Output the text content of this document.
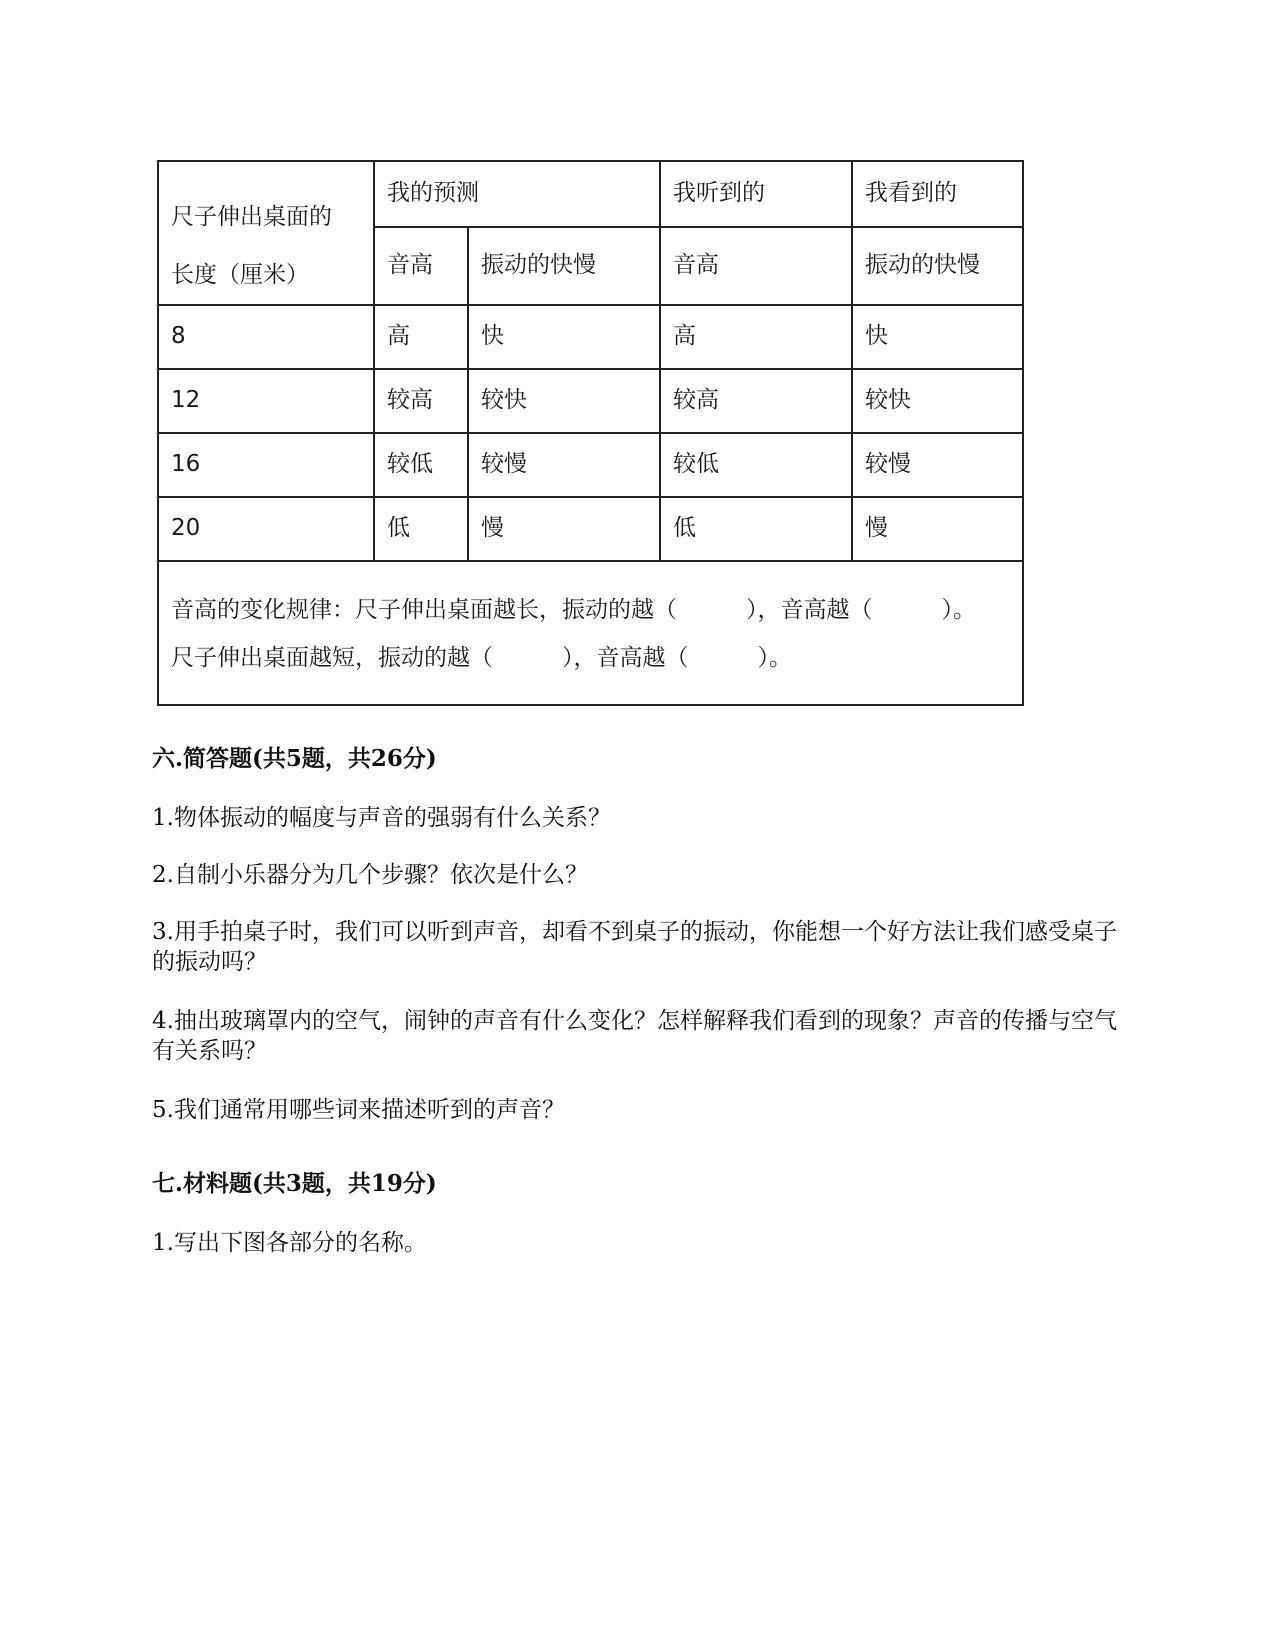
尺子伸出桌面的
长度（厘米）	我的预测		我听到的	我看到的
	音高	振动的快慢	音高	振动的快慢
8	高	快	高	快
12	较高	较快	较高	较快
16	较低	较慢	较低	较慢
20	低	慢	低	慢

音高的变化规律：尺子伸出桌面越长，振动的越（　　　），音高越（　　　）。
尺子伸出桌面越短，振动的越（　　　），音高越（　　　）。				
六.简答题(共5题，共26分)
1.物体振动的幅度与声音的强弱有什么关系？
2.自制小乐器分为几个步骤？依次是什么？
3.用手拍桌子时，我们可以听到声音，却看不到桌子的振动，你能想一个好方法让我们感受桌子的振动吗？
4.抽出玻璃罩内的空气，闹钟的声音有什么变化？怎样解释我们看到的现象？声音的传播与空气有关系吗？
5.我们通常用哪些词来描述听到的声音？
七.材料题(共3题，共19分)
1.写出下图各部分的名称。
